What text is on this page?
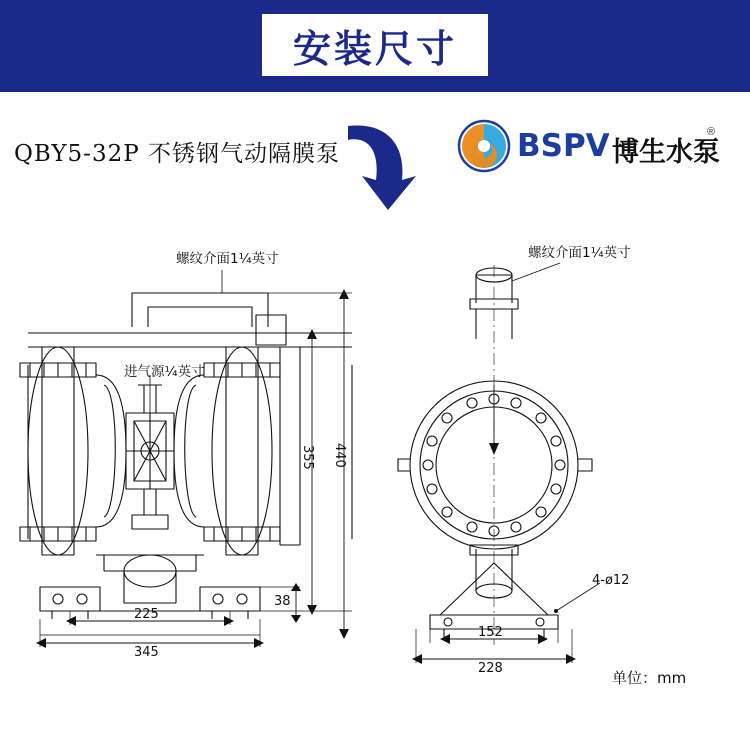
安装尺寸
QBY5-32P 不锈钢气动隔膜泵	BSPV 博生水泵
®
螺纹介面1¼英寸
进气源¼英寸
355 440
38
225
345
螺纹介面1¼英寸
4-ø12
152
228
单位：mm
